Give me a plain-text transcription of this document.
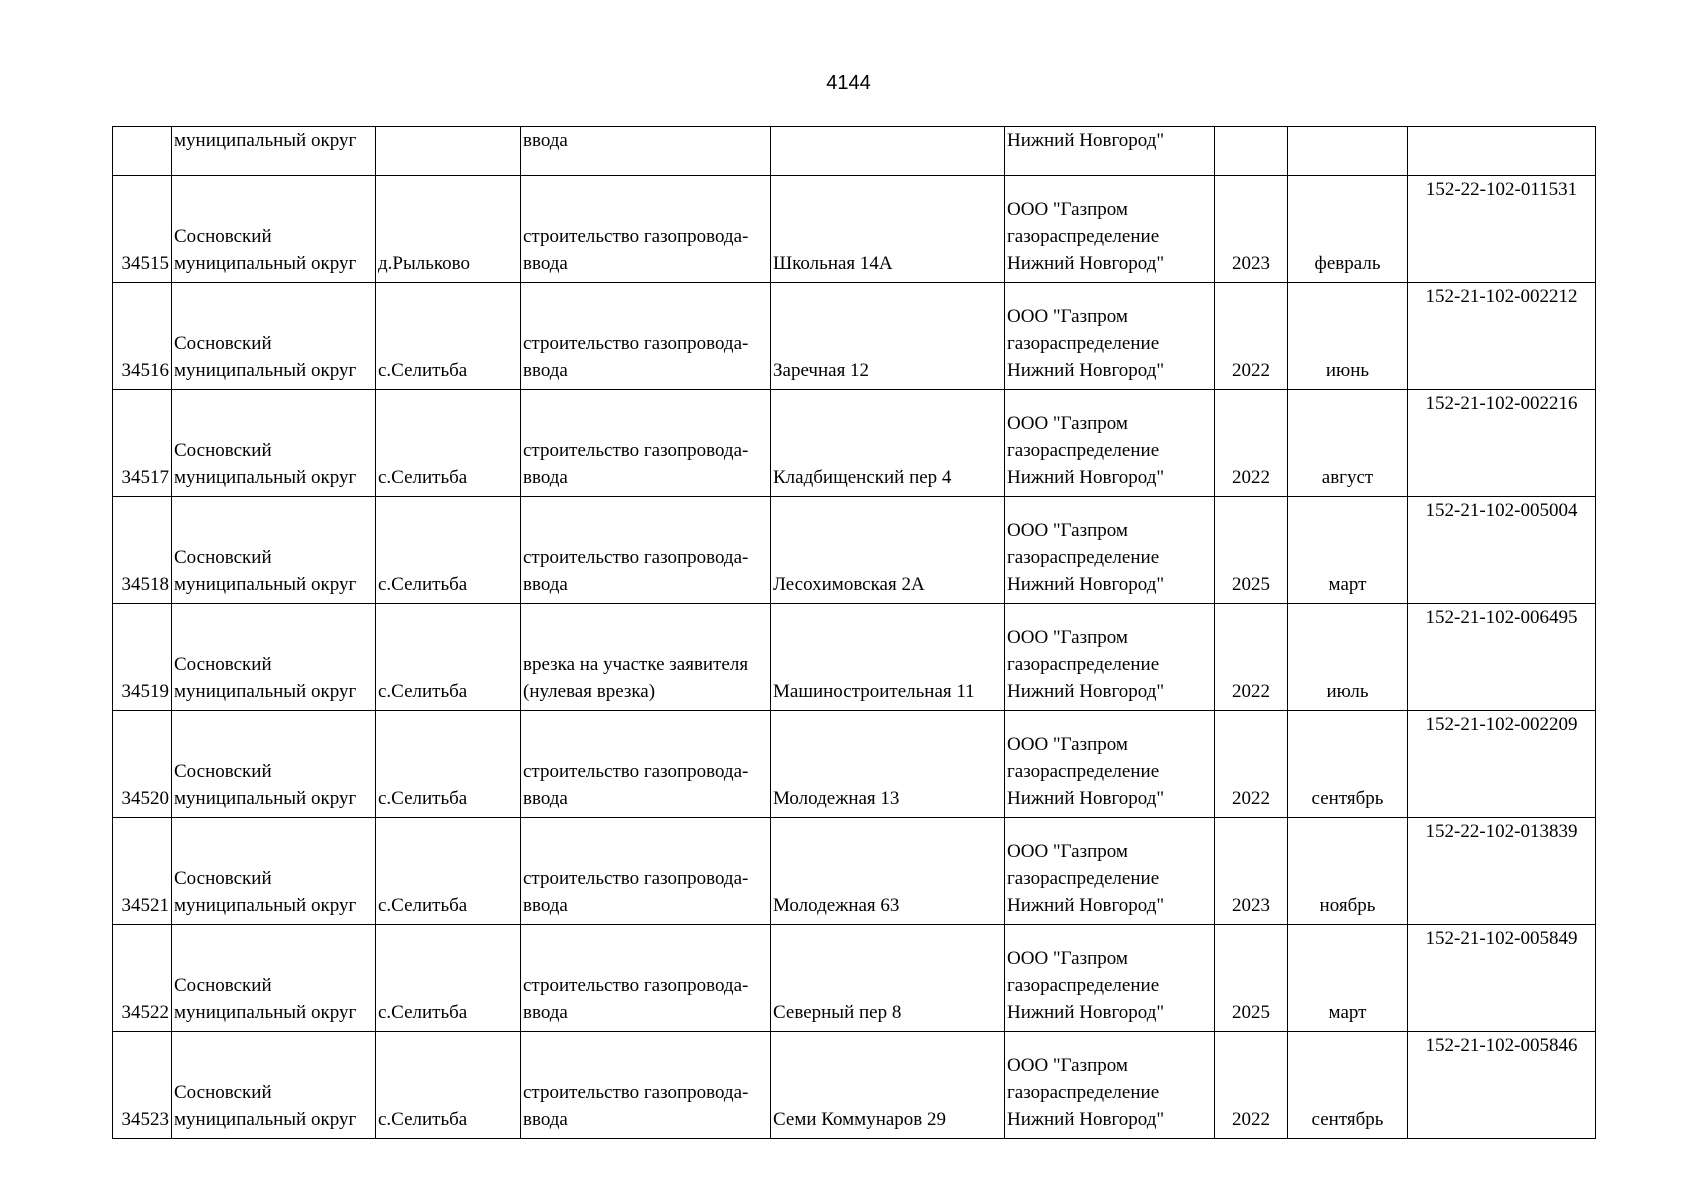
4144
	муниципальный округ		ввода		Нижний Новгород"			

34515	Сосновский
муниципальный округ	д.Рыльково	строительство газопровода-
ввода	Школьная 14А	ООО "Газпром
газораспределение
Нижний Новгород"	2023	февраль	152-22-102-011531

34516	Сосновский
муниципальный округ	с.Селитьба	строительство газопровода-
ввода	Заречная 12	ООО "Газпром
газораспределение
Нижний Новгород"	2022	июнь	152-21-102-002212

34517	Сосновский
муниципальный округ	с.Селитьба	строительство газопровода-
ввода	Кладбищенский пер 4	ООО "Газпром
газораспределение
Нижний Новгород"	2022	август	152-21-102-002216

34518	Сосновский
муниципальный округ	с.Селитьба	строительство газопровода-
ввода	Лесохимовская 2А	ООО "Газпром
газораспределение
Нижний Новгород"	2025	март	152-21-102-005004

34519	Сосновский
муниципальный округ	с.Селитьба	врезка на участке заявителя
(нулевая врезка)	Машиностроительная 11	ООО "Газпром
газораспределение
Нижний Новгород"	2022	июль	152-21-102-006495

34520	Сосновский
муниципальный округ	с.Селитьба	строительство газопровода-
ввода	Молодежная 13	ООО "Газпром
газораспределение
Нижний Новгород"	2022	сентябрь	152-21-102-002209

34521	Сосновский
муниципальный округ	с.Селитьба	строительство газопровода-
ввода	Молодежная 63	ООО "Газпром
газораспределение
Нижний Новгород"	2023	ноябрь	152-22-102-013839

34522	Сосновский
муниципальный округ	с.Селитьба	строительство газопровода-
ввода	Северный пер 8	ООО "Газпром
газораспределение
Нижний Новгород"	2025	март	152-21-102-005849

34523	Сосновский
муниципальный округ	с.Селитьба	строительство газопровода-
ввода	Семи Коммунаров 29	ООО "Газпром
газораспределение
Нижний Новгород"	2022	сентябрь	152-21-102-005846
